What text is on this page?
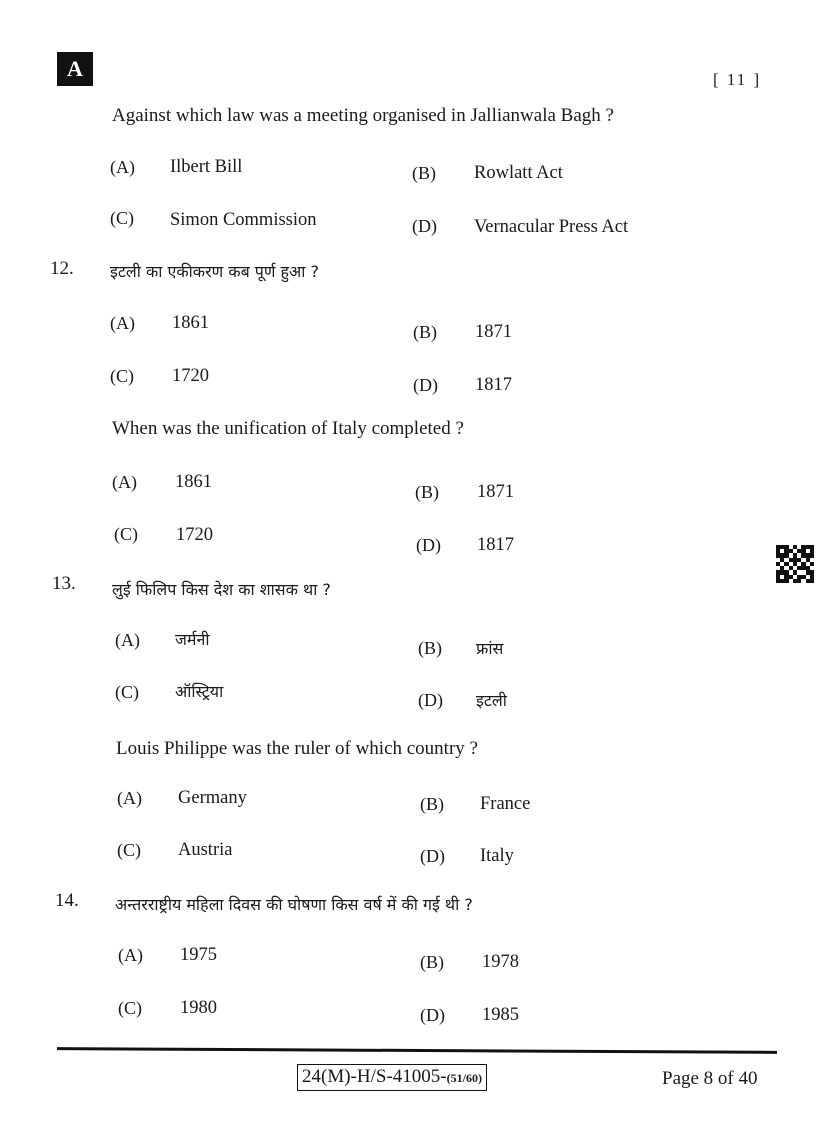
A	[ 11 ]
Against which law was a meeting organised in Jallianwala Bagh ?
(A) Ilbert Bill	(B) Rowlatt Act
(C) Simon Commission	(D) Vernacular Press Act
12. इटली का एकीकरण कब पूर्ण हुआ ?
(A) 1861	(B) 1871
(C) 1720	(D) 1817
When was the unification of Italy completed ?
(A) 1861	(B) 1871
(C) 1720	(D) 1817
13. लुई फिलिप किस देश का शासक था ?
(A) जर्मनी	(B) फ्रांस
(C) ऑस्ट्रिया	(D) इटली
Louis Philippe was the ruler of which country ?
(A) Germany	(B) France
(C) Austria	(D) Italy
14. अन्तरराष्ट्रीय महिला दिवस की घोषणा किस वर्ष में की गई थी ?
(A) 1975	(B) 1978
(C) 1980	(D) 1985
24(M)-H/S-41005-(51/60)	Page 8 of 40
